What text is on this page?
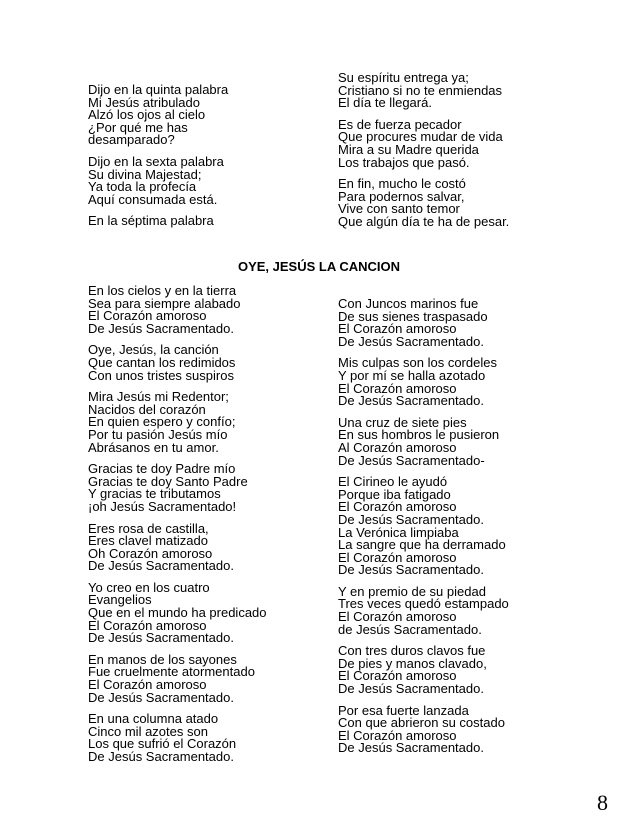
Dijo en la quinta palabra
Mi Jesús atribulado
Alzó los ojos al cielo
¿Por qué me has
desamparado?
Dijo en la sexta palabra
Su divina Majestad;
Ya toda la profecía
Aquí consumada está.
En la séptima palabra
Su espíritu entrega ya;
Cristiano si no te enmiendas
El día te llegará.
Es de fuerza pecador
Que procures mudar de vida
Mira a su Madre querida
Los trabajos que pasó.
En fin, mucho le costó
Para podernos salvar,
Vive con santo temor
Que algún día te ha de pesar.
OYE, JESÚS LA CANCION
En los cielos y en la tierra
Sea para siempre alabado
El Corazón amoroso
De Jesús Sacramentado.
Oye, Jesús, la canción
Que cantan los redimidos
Con unos tristes suspiros
Mira Jesús mi Redentor;
Nacidos del corazón
En quien espero y confío;
Por tu pasión Jesús mío
Abrásanos en tu amor.
Gracias te doy Padre mío
Gracias te doy Santo Padre
Y gracias te tributamos
¡oh Jesús Sacramentado!
Eres rosa de castilla,
Eres clavel matizado
Oh Corazón amoroso
De Jesús Sacramentado.
Yo creo en los cuatro
Evangelios
Que en el mundo ha predicado
El Corazón amoroso
De Jesús Sacramentado.
En manos de los sayones
Fue cruelmente atormentado
El Corazón amoroso
De Jesús Sacramentado.
En una columna atado
Cinco mil azotes son
Los que sufrió el Corazón
De Jesús Sacramentado.
Con Juncos marinos fue
De sus sienes traspasado
El Corazón amoroso
De Jesús Sacramentado.
Mis culpas son los cordeles
Y por mí se halla azotado
El Corazón amoroso
De Jesús Sacramentado.
Una cruz de siete pies
En sus hombros le pusieron
Al Corazón amoroso
De Jesús Sacramentado-
El Cirineo le ayudó
Porque iba fatigado
El Corazón amoroso
De Jesús Sacramentado.
La Verónica limpiaba
La sangre que ha derramado
El Corazón amoroso
De Jesús Sacramentado.
Y en premio de su piedad
Tres veces quedó estampado
El Corazón amoroso
de Jesús Sacramentado.
Con tres duros clavos fue
De pies y manos clavado,
El Corazón amoroso
De Jesús Sacramentado.
Por esa fuerte lanzada
Con que abrieron su costado
El Corazón amoroso
De Jesús Sacramentado.
8
